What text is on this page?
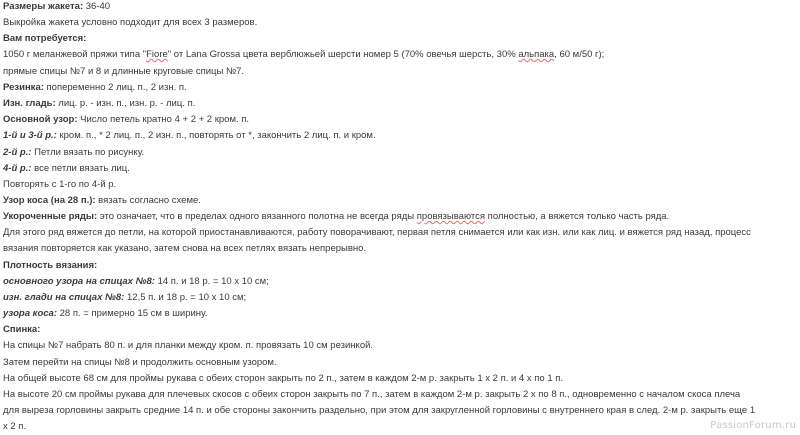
Размеры жакета: 36-40
Выкройка жакета условно подходит для всех 3 размеров.
Вам потребуется:
1050 г меланжевой пряжи типа "Fiore" от Lana Grossa цвета верблюжьей шерсти номер 5 (70% овечья шерсть, 30% альпака, 60 м/50 г);
прямые спицы №7 и 8 и длинные круговые спицы №7.
Резинка: попеременно 2 лиц. п., 2 изн. п.
Изн. гладь: лиц. р. - изн. п., изн. р. - лиц. п.
Основной узор: Число петель кратно 4 + 2 + 2 кром. п.
1-й и 3-й р.: кром. п., * 2 лиц. п., 2 изн. п., повторять от *, закончить 2 лиц. п. и кром.
2-й р.: Петли вязать по рисунку.
4-й р.: все петли вязать лиц.
Повторять с 1-го по 4-й р.
Узор коса (на 28 п.): вязать согласно схеме.
Укороченные ряды: это означает, что в пределах одного вязанного полотна не всегда ряды провязываются полностью, а вяжется только часть ряда.
Для этого ряд вяжется до петли, на которой приостанавливаются, работу поворачивают, первая петля снимается или как изн. или как лиц. и вяжется ряд назад, процесс
вязания повторяется как указано, затем снова на всех петлях вязать непрерывно.
Плотность вязания:
основного узора на спицах №8: 14 п. и 18 р. = 10 х 10 см;
изн. глади на спицах №8: 12,5 п. и 18 р. = 10 х 10 см;
узора коса: 28 п. = примерно 15 см в ширину.
Спинка:
На спицы №7 набрать 80 п. и для планки между кром. п. провязать 10 см резинкой.
Затем перейти на спицы №8 и продолжить основным узором.
На общей высоте 68 см для проймы рукава с обеих сторон закрыть по 2 п., затем в каждом 2-м р. закрыть 1 х 2 п. и 4 х по 1 п.
На высоте 20 см проймы рукава для плечевых скосов с обеих сторон закрыть по 7 п., затем в каждом 2-м р. закрыть 2 х по 8 п., одновременно с началом скоса плеча
для выреза горловины закрыть средние 14 п. и обе стороны закончить раздельно, при этом для закругленной горловины с внутреннего края в след. 2-м р. закрыть еще 1
х 2 п.	PassionForum.ru
